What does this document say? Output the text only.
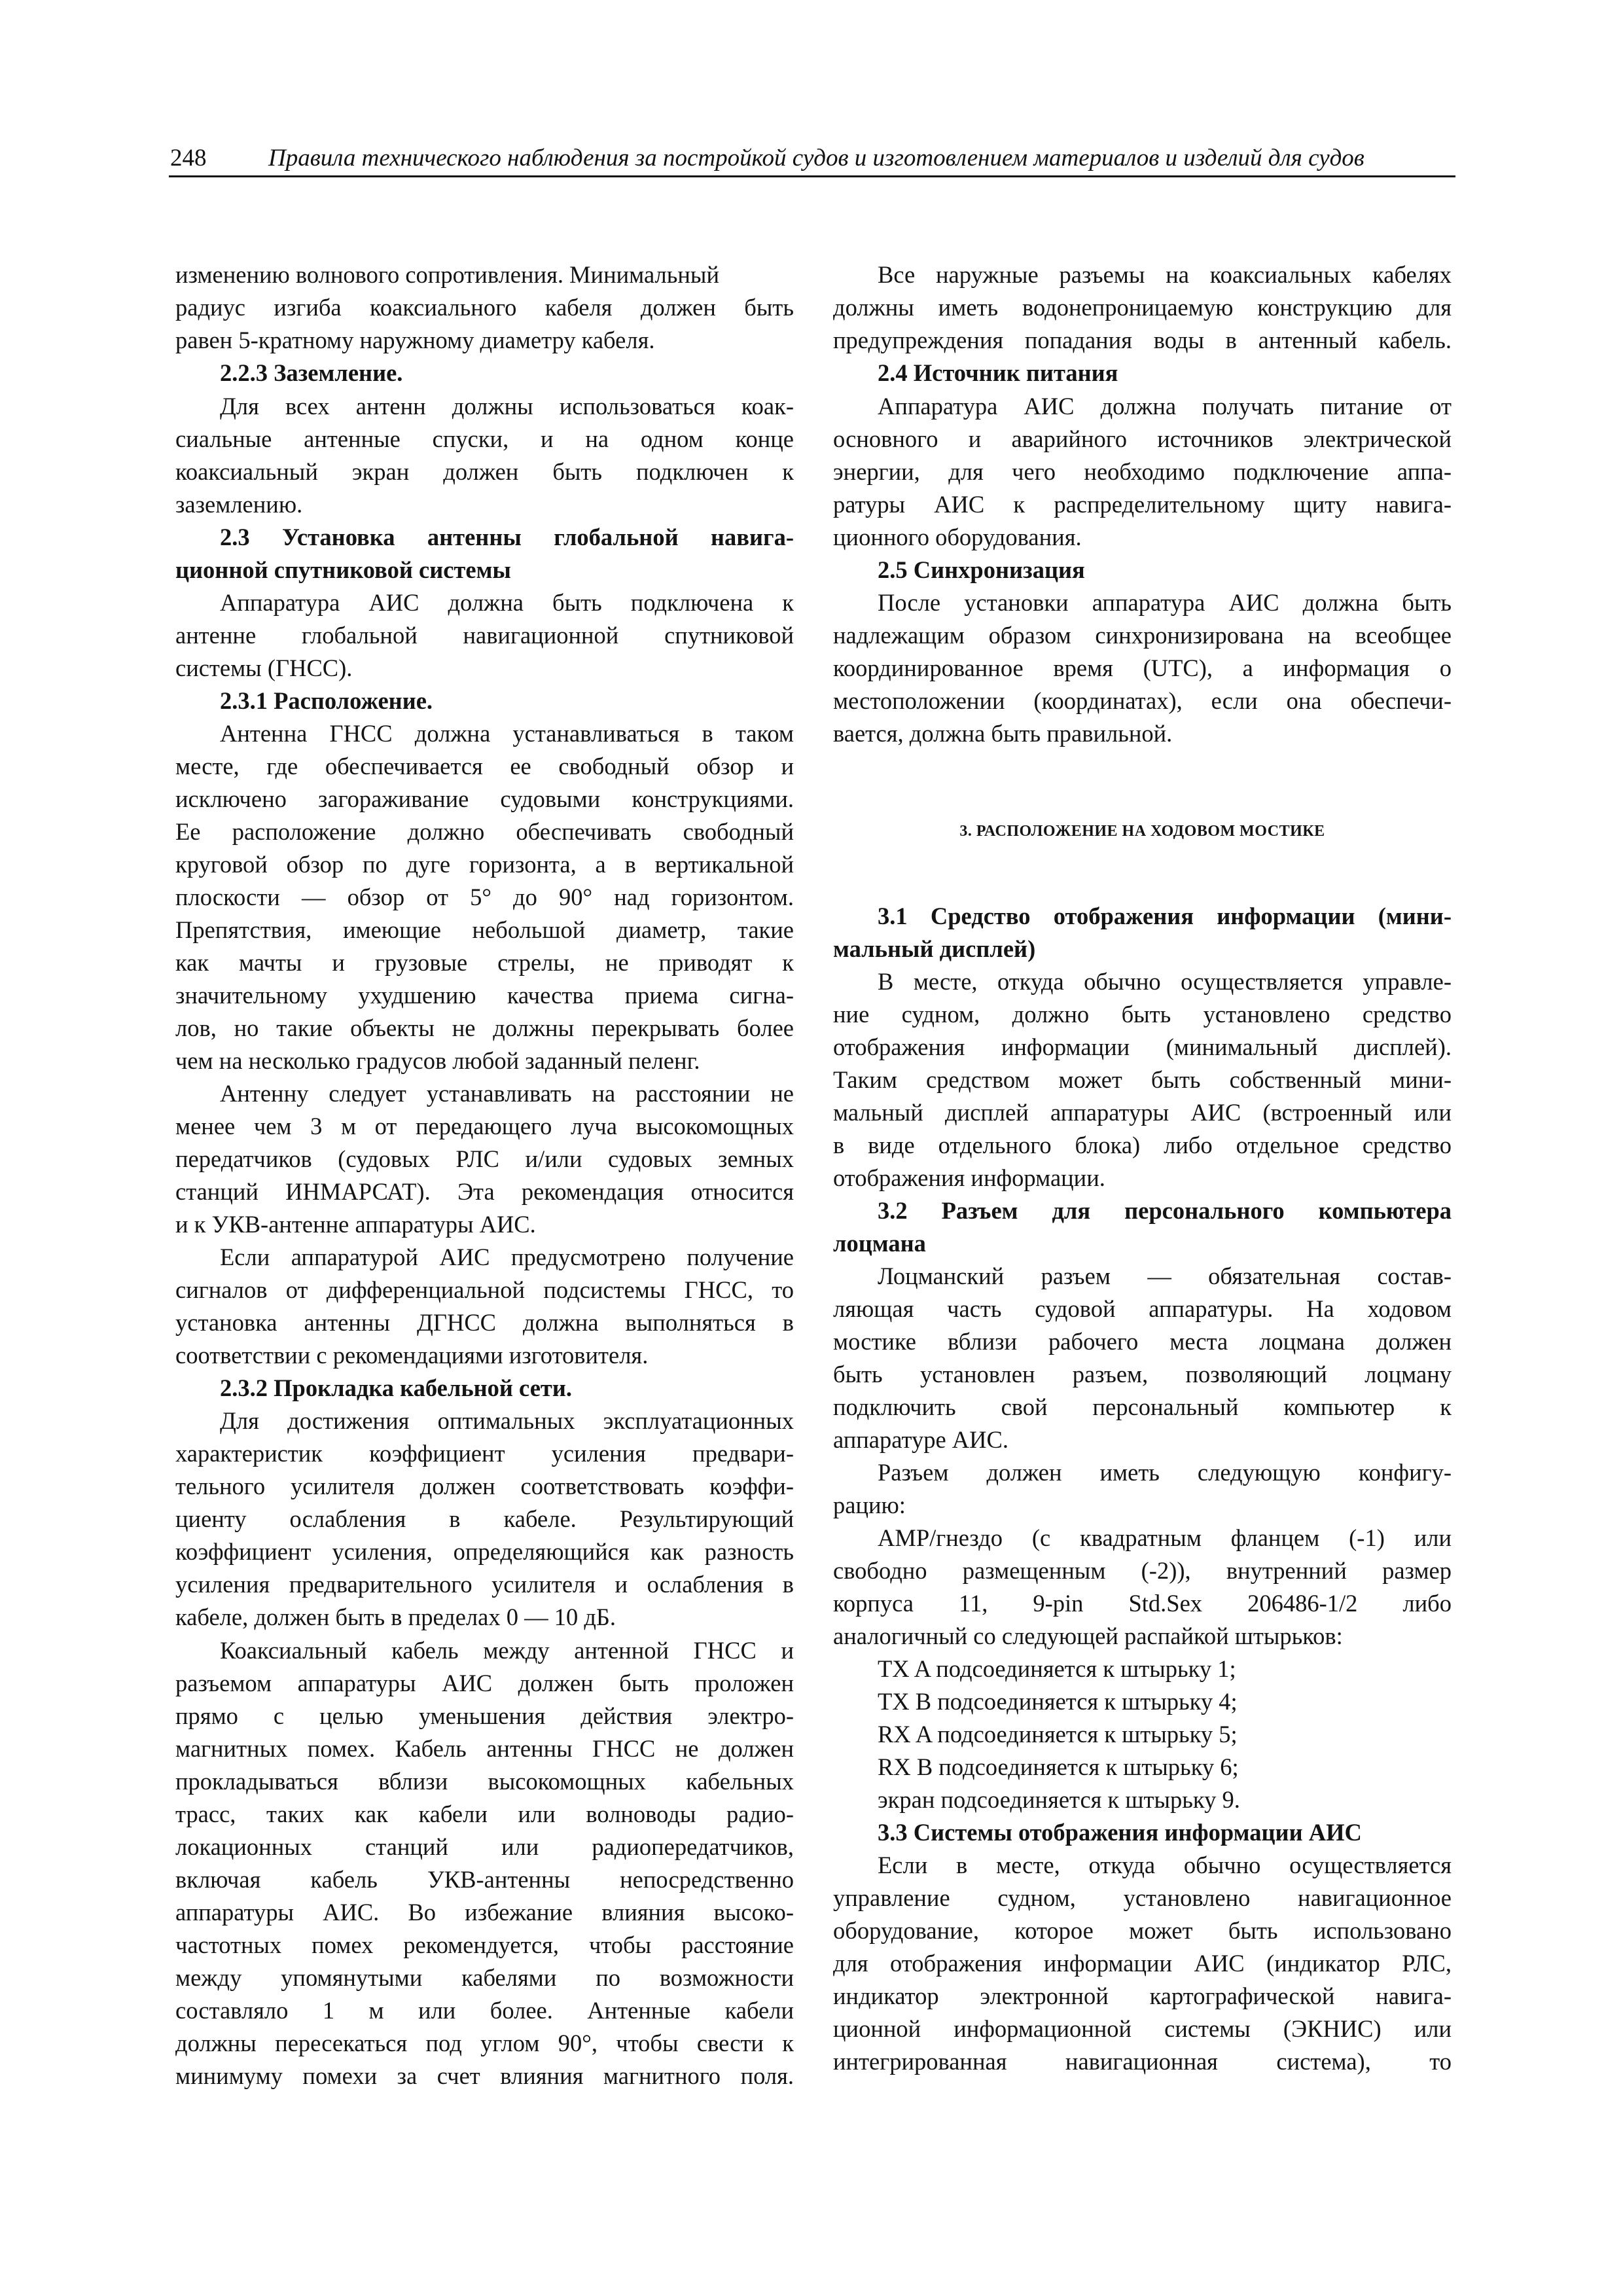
248	Правила технического наблюдения за постройкой судов и изготовлением материалов и изделий для судов
изменению волнового сопротивления. Минимальный
радиус изгиба коаксиального кабеля должен быть
равен 5-кратному наружному диаметру кабеля.
2.2.3 Заземление.
Для всех антенн должны использоваться коак-
сиальные антенные спуски, и на одном конце
коаксиальный экран должен быть подключен к
заземлению.
2.3 Установка антенны глобальной навига-
ционной спутниковой системы
Аппаратура АИС должна быть подключена к
антенне глобальной навигационной спутниковой
системы (ГНСС).
2.3.1 Расположение.
Антенна ГНСС должна устанавливаться в таком
месте, где обеспечивается ее свободный обзор и
исключено загораживание судовыми конструкциями.
Ее расположение должно обеспечивать свободный
круговой обзор по дуге горизонта, а в вертикальной
плоскости — обзор от 5° до 90° над горизонтом.
Препятствия, имеющие небольшой диаметр, такие
как мачты и грузовые стрелы, не приводят к
значительному ухудшению качества приема сигна-
лов, но такие объекты не должны перекрывать более
чем на несколько градусов любой заданный пеленг.
Антенну следует устанавливать на расстоянии не
менее чем 3 м от передающего луча высокомощных
передатчиков (судовых РЛС и/или судовых земных
станций ИНМАРСАТ). Эта рекомендация относится
и к УКВ-антенне аппаратуры АИС.
Если аппаратурой АИС предусмотрено получение
сигналов от дифференциальной подсистемы ГНСС, то
установка антенны ДГНСС должна выполняться в
соответствии с рекомендациями изготовителя.
2.3.2 Прокладка кабельной сети.
Для достижения оптимальных эксплуатационных
характеристик коэффициент усиления предвари-
тельного усилителя должен соответствовать коэффи-
циенту ослабления в кабеле. Результирующий
коэффициент усиления, определяющийся как разность
усиления предварительного усилителя и ослабления в
кабеле, должен быть в пределах 0 — 10 дБ.
Коаксиальный кабель между антенной ГНСС и
разъемом аппаратуры АИС должен быть проложен
прямо с целью уменьшения действия электро-
магнитных помех. Кабель антенны ГНСС не должен
прокладываться вблизи высокомощных кабельных
трасс, таких как кабели или волноводы радио-
локационных станций или радиопередатчиков,
включая кабель УКВ-антенны непосредственно
аппаратуры АИС. Во избежание влияния высоко-
частотных помех рекомендуется, чтобы расстояние
между упомянутыми кабелями по возможности
составляло 1 м или более. Антенные кабели
должны пересекаться под углом 90°, чтобы свести к
минимуму помехи за счет влияния магнитного поля.
Все наружные разъемы на коаксиальных кабелях
должны иметь водонепроницаемую конструкцию для
предупреждения попадания воды в антенный кабель.
2.4 Источник питания
Аппаратура АИС должна получать питание от
основного и аварийного источников электрической
энергии, для чего необходимо подключение аппа-
ратуры АИС к распределительному щиту навига-
ционного оборудования.
2.5 Синхронизация
После установки аппаратура АИС должна быть
надлежащим образом синхронизирована на всеобщее
координированное время (UTC), а информация о
местоположении (координатах), если она обеспечи-
вается, должна быть правильной.
3.1 Средство отображения информации (мини-
мальный дисплей)
В месте, откуда обычно осуществляется управле-
ние судном, должно быть установлено средство
отображения информации (минимальный дисплей).
Таким средством может быть собственный мини-
мальный дисплей аппаратуры АИС (встроенный или
в виде отдельного блока) либо отдельное средство
отображения информации.
3.2 Разъем для персонального компьютера
лоцмана
Лоцманский разъем — обязательная состав-
ляющая часть судовой аппаратуры. На ходовом
мостике вблизи рабочего места лоцмана должен
быть установлен разъем, позволяющий лоцману
подключить свой персональный компьютер к
аппаратуре АИС.
Разъем должен иметь следующую конфигу-
рацию:
AMP/гнездо (с квадратным фланцем (-1) или
свободно размещенным (-2)), внутренний размер
корпуса 11, 9-pin Std.Sex 206486-1/2 либо
аналогичный со следующей распайкой штырьков:
TX A подсоединяется к штырьку 1;
TX B подсоединяется к штырьку 4;
RX A подсоединяется к штырьку 5;
RX B подсоединяется к штырьку 6;
экран подсоединяется к штырьку 9.
3.3 Системы отображения информации АИС
Если в месте, откуда обычно осуществляется
управление судном, установлено навигационное
оборудование, которое может быть использовано
для отображения информации АИС (индикатор РЛС,
индикатор электронной картографической навига-
ционной информационной системы (ЭКНИС) или
интегрированная навигационная система), то
3. РАСПОЛОЖЕНИЕ НА ХОДОВОМ МОСТИКЕ
